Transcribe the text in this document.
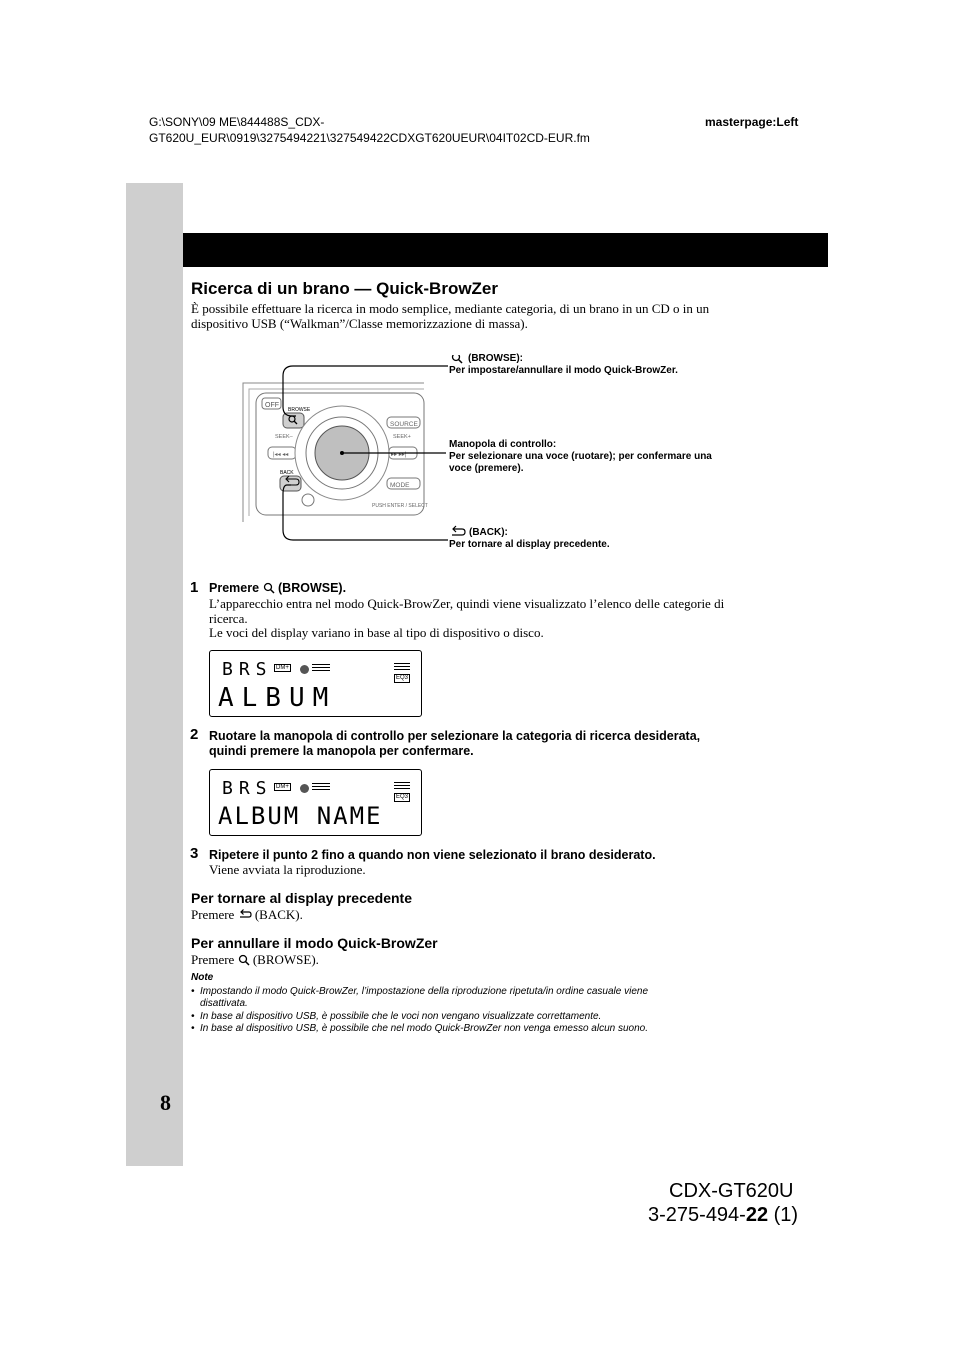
G:\SONY\09 ME\844488S_CDX-
GT620U_EUR\0919\3275494221\327549422CDXGT620UEUR\04IT02CD-EUR.fm
masterpage:Left
Ricerca di un brano — Quick-BrowZer
È possibile effettuare la ricerca in modo semplice, mediante categoria, di un brano in un CD o in un
dispositivo USB (“Walkman”/Classe memorizzazione di massa).
OFF
BROWSE
SEEK–	SEEK+
|◂◂ ◂◂	▸▸ ▸▸|
SOURCE
BACK
MODE
PUSH ENTER / SELECT
(BROWSE):
Per impostare/annullare il modo Quick-BrowZer.
Manopola di controllo:
Per selezionare una voce (ruotare); per confermare una
voce (premere).
(BACK):
Per tornare al display precedente.
1 Premere (BROWSE).
L’apparecchio entra nel modo Quick-BrowZer, quindi viene visualizzato l’elenco delle categorie di
ricerca.
Le voci del display variano in base al tipo di dispositivo o disco.
BRS DM+
EQ3
ALBUM
2 Ruotare la manopola di controllo per selezionare la categoria di ricerca desiderata,
quindi premere la manopola per confermare.
BRS DM+
EQ3
ALBUM NAME
3 Ripetere il punto 2 fino a quando non viene selezionato il brano desiderato.
Viene avviata la riproduzione.
Per tornare al display precedente
Premere (BACK).
Per annullare il modo Quick-BrowZer
Premere (BROWSE).
Note
• Impostando il modo Quick-BrowZer, l’impostazione della riproduzione ripetuta/in ordine casuale viene
disattivata.
• In base al dispositivo USB, è possibile che le voci non vengano visualizzate correttamente.
• In base al dispositivo USB, è possibile che nel modo Quick-BrowZer non venga emesso alcun suono.
8
CDX-GT620U
3-275-494-22 (1)
